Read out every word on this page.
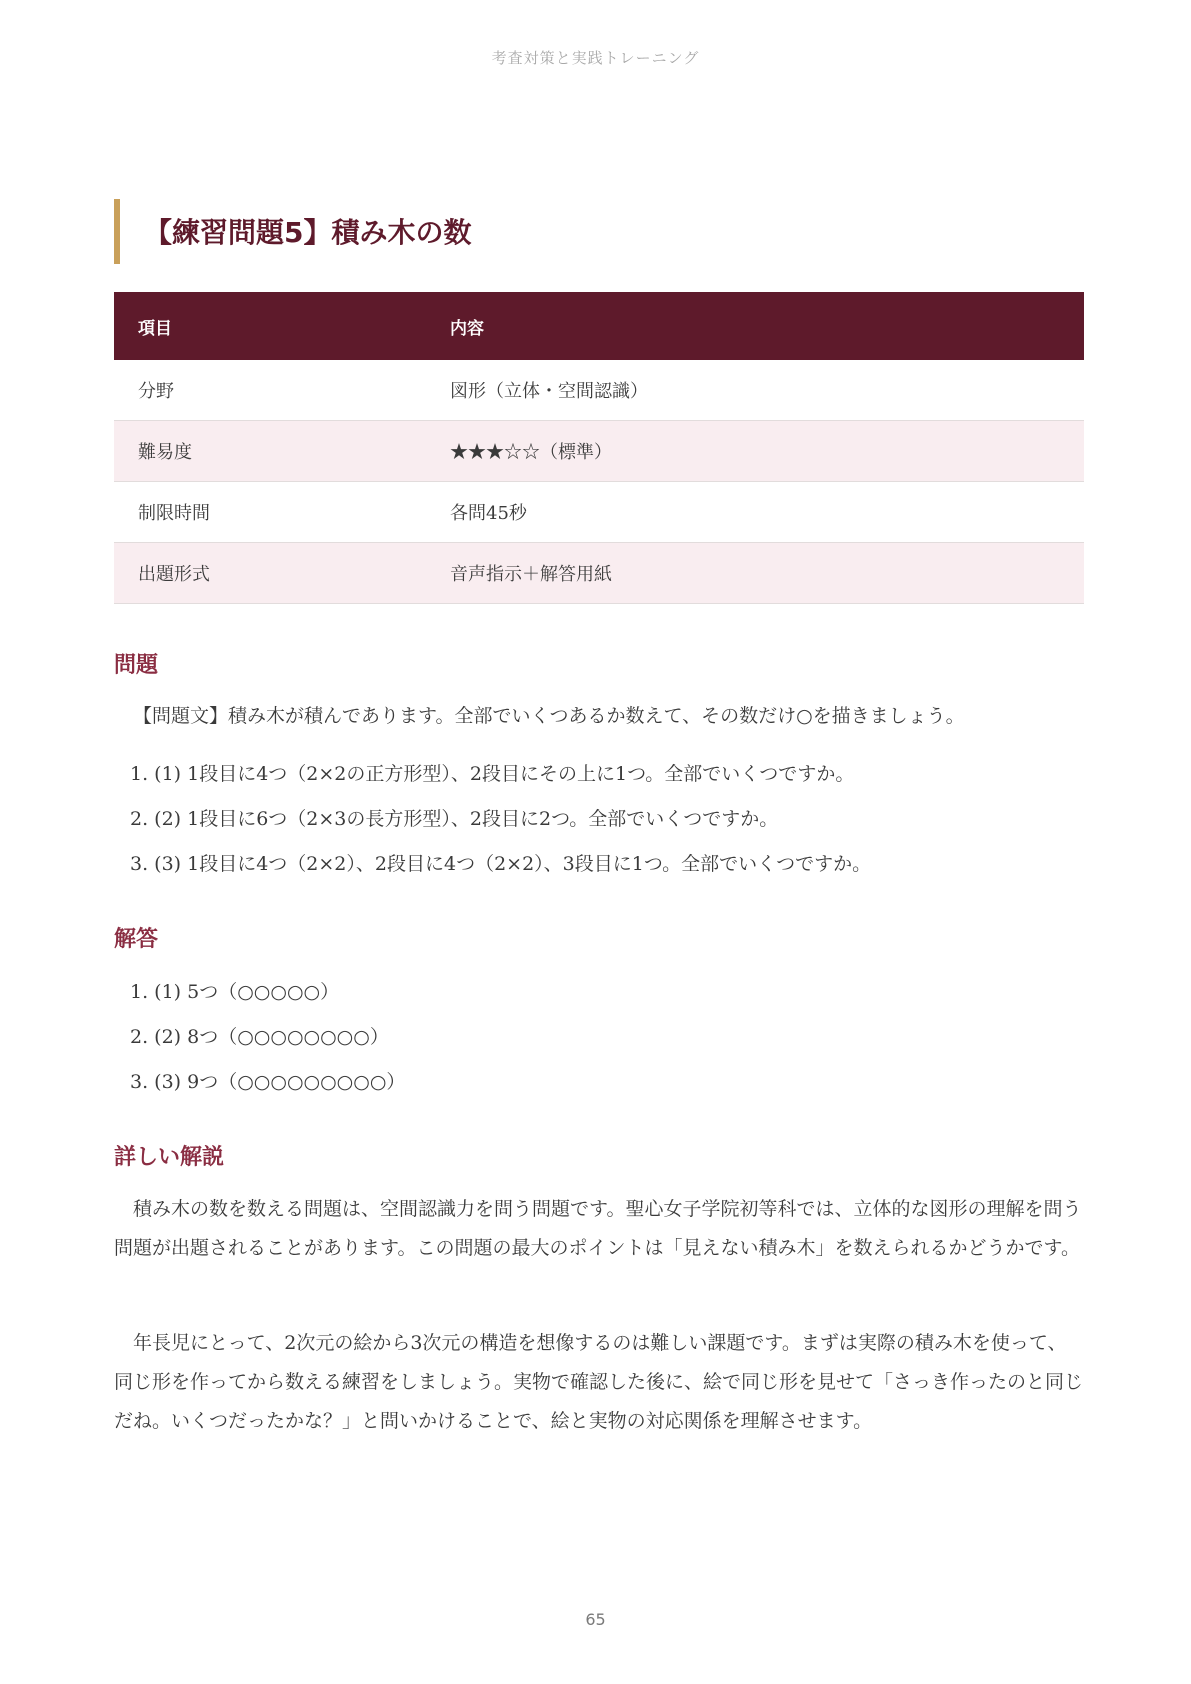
考査対策と実践トレーニング
【練習問題5】積み木の数
項目	内容
分野	図形（立体・空間認識）
難易度	★★★☆☆（標準）
制限時間	各問45秒
出題形式	音声指示＋解答用紙
問題
【問題文】積み木が積んであります。全部でいくつあるか数えて、その数だけ○を描きましょう。
1. (1) 1段目に4つ（2×2の正方形型）、2段目にその上に1つ。全部でいくつですか。
2. (2) 1段目に6つ（2×3の長方形型）、2段目に2つ。全部でいくつですか。
3. (3) 1段目に4つ（2×2）、2段目に4つ（2×2）、3段目に1つ。全部でいくつですか。
解答
1. (1) 5つ（○○○○○）
2. (2) 8つ（○○○○○○○○）
3. (3) 9つ（○○○○○○○○○）
詳しい解説
積み木の数を数える問題は、空間認識力を問う問題です。聖心女子学院初等科では、立体的な図形の理解を問う問題が出題されることがあります。この問題の最大のポイントは「見えない積み木」を数えられるかどうかです。
年長児にとって、2次元の絵から3次元の構造を想像するのは難しい課題です。まずは実際の積み木を使って、同じ形を作ってから数える練習をしましょう。実物で確認した後に、絵で同じ形を見せて「さっき作ったのと同じだね。いくつだったかな？」と問いかけることで、絵と実物の対応関係を理解させます。
65
